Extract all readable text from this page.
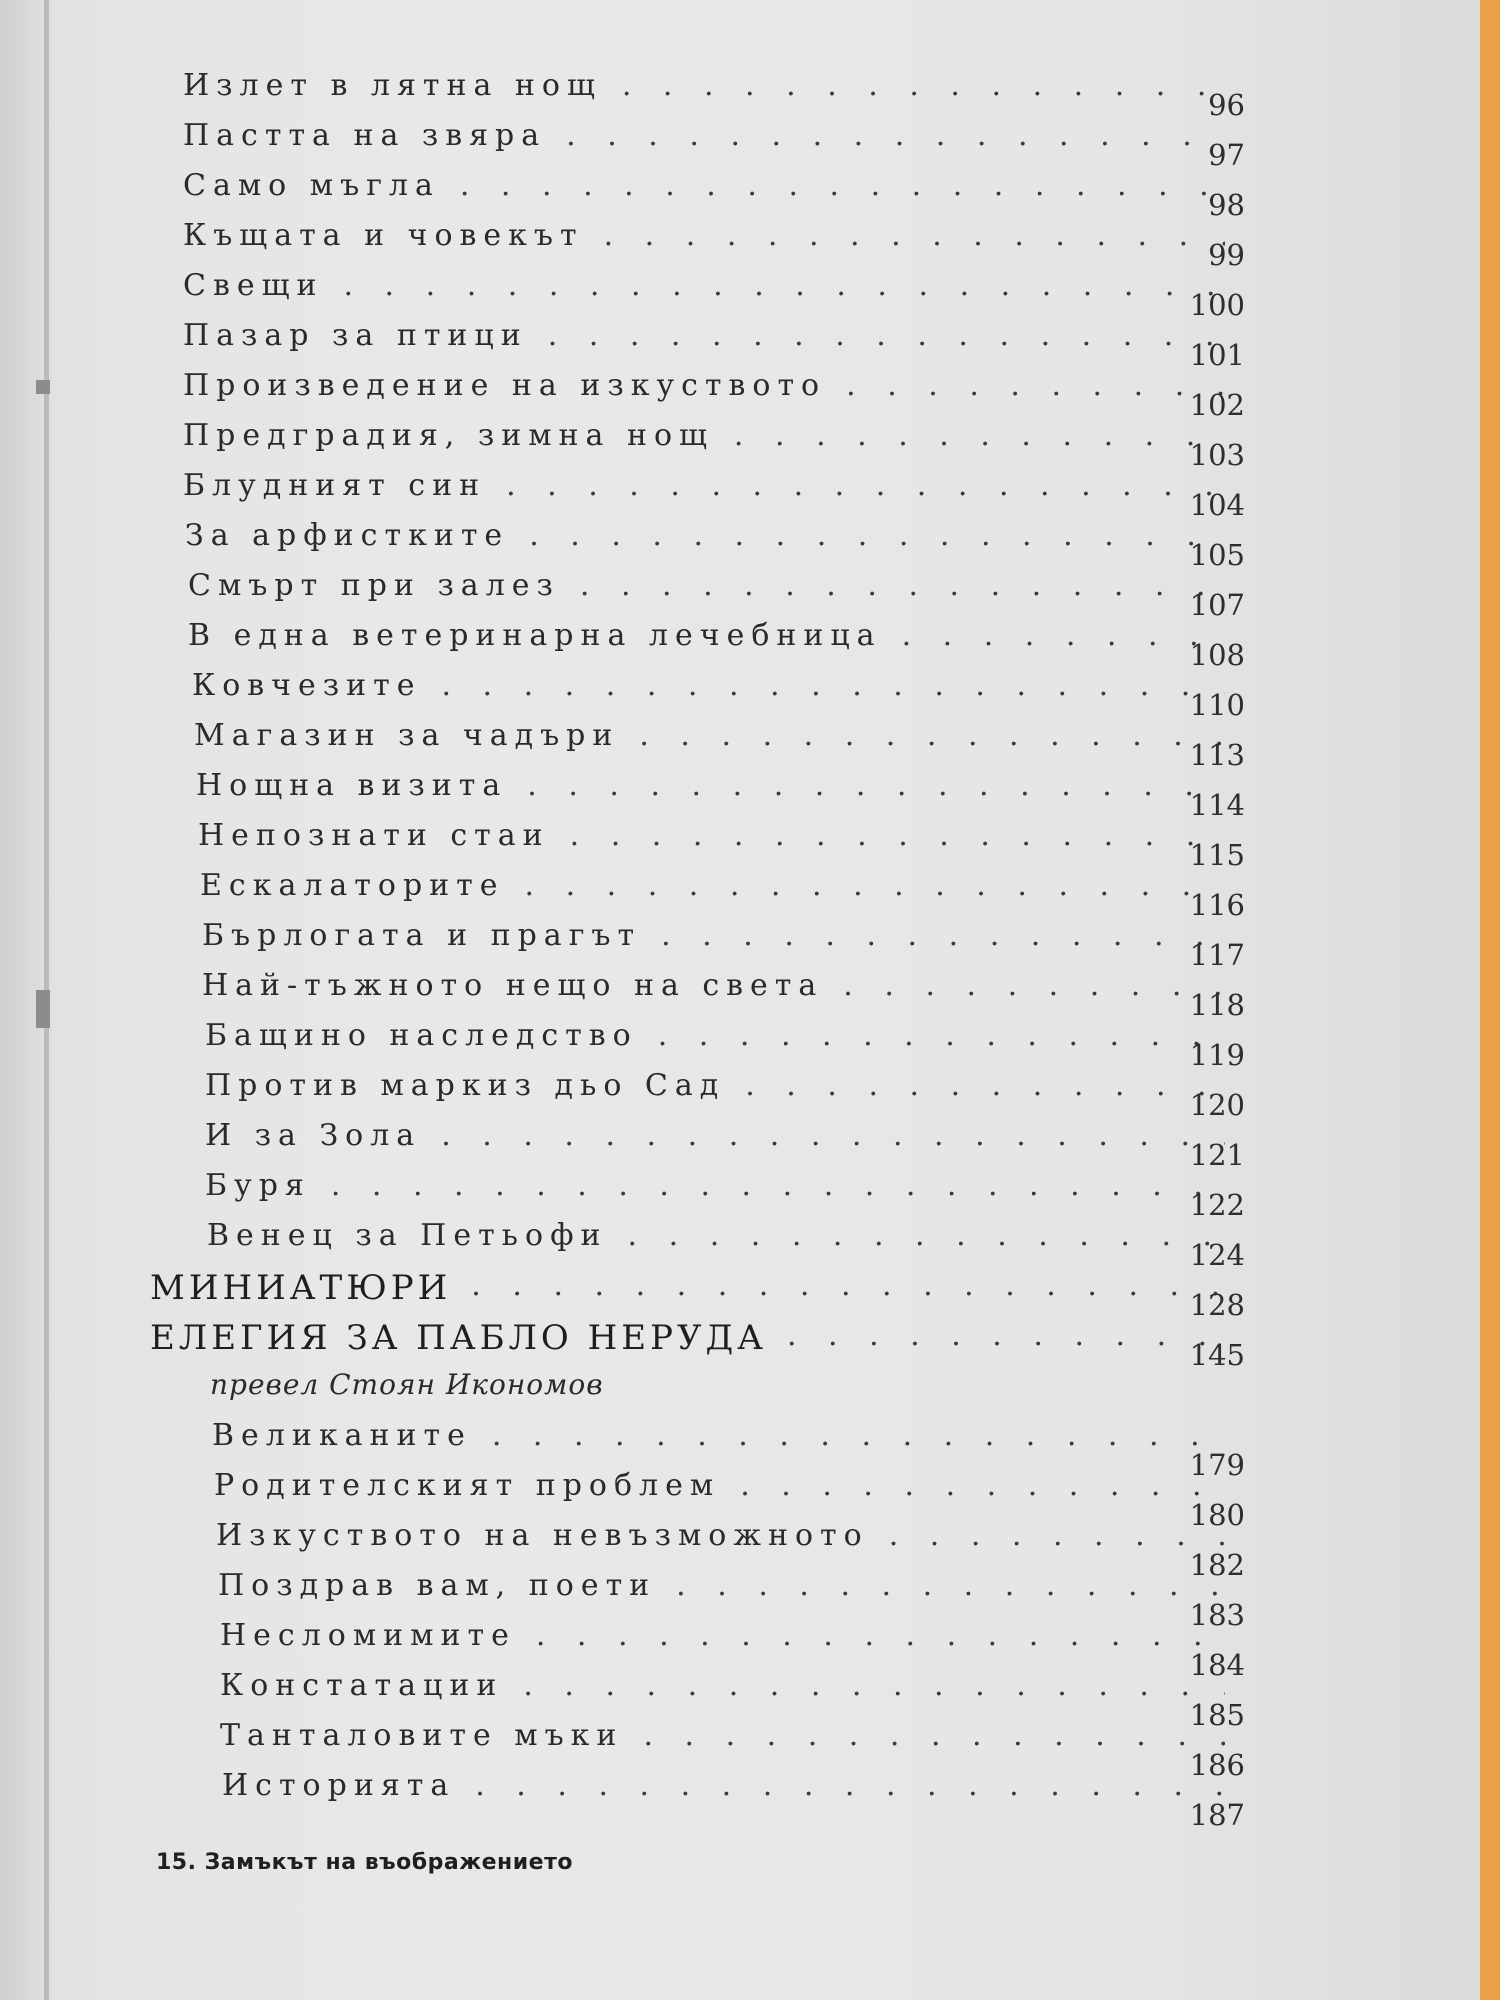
Излет в лятна нощ
. . .
96
Пастта на звяра
. . .
97
Само мъгла
. . .
98
Къщата и човекът
. . .
99
Свещи
. . .
100
Пазар за птици
. . .
101
Произведение на изкуството
. . .
102
Предградия, зимна нощ
. . .
103
Блудният син
. . .
104
За арфистките
. . .
105
Смърт при залез
. . .
107
В една ветеринарна лечебница
. . .
108
Ковчезите
. . .
110
Магазин за чадъри
. . .
113
Нощна визита
. . .
114
Непознати стаи
. . .
115
Ескалаторите
. . .
116
Бърлогата и прагът
. . .
117
Най-тъжното нещо на света
. . .
118
Бащино наследство
. . .
119
Против маркиз дьо Сад
. . .
120
И за Зола
. . .
121
Буря
. . .
122
Венец за Петьофи
. . .
124
МИНИАТЮРИ . . .	128
ЕЛЕГИЯ ЗА ПАБЛО НЕРУДА . . .	145
превел Стоян Икономов
Великаните
. . .
179
Родителският проблем
. . .
180
Изкуството на невъзможното
. . .
182
Поздрав вам, поети
. . .
183
Несломимите
. . .
184
Констатации
. . .
185
Танталовите мъки
. . .
186
Историята
. . .
187
15. Замъкът на въображението
